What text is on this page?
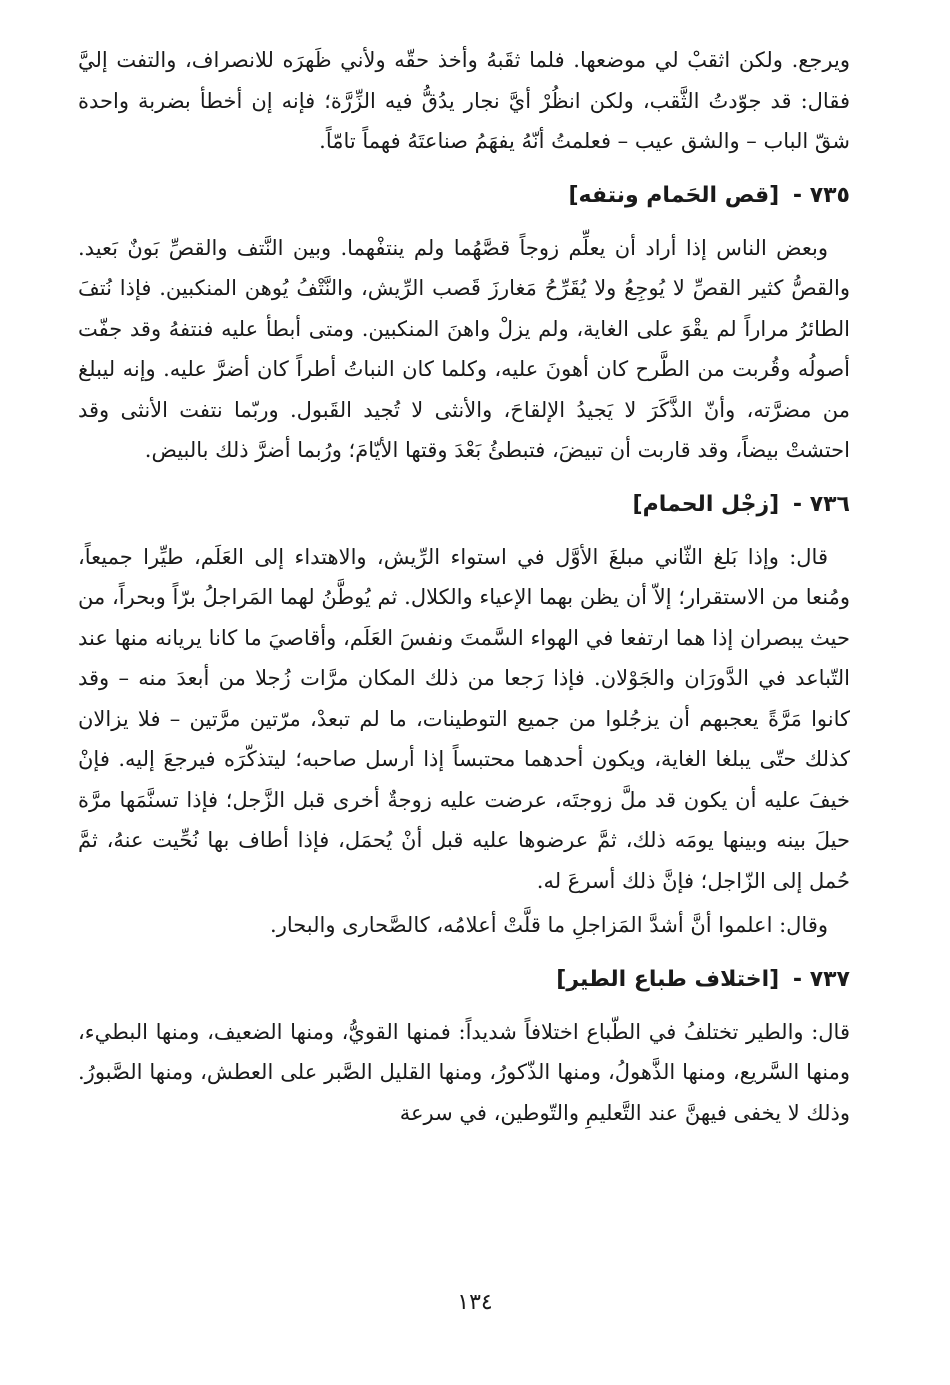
ويرجع. ولكن اثقبْ لي موضعها. فلما ثقَبهُ وأخذ حقّه ولأني ظَهرَه للانصراف، والتفت إليَّ فقال: قد جوّدتُ الثَّقب، ولكن انظُرْ أيَّ نجار يدُقُّ فيه الزِّرَّة؛ فإنه إن أخطأ بضربة واحدة شقّ الباب – والشق عيب – فعلمتُ أنّهُ يفهَمُ صناعتَهُ فهماً تامّاً.

٧٣٥ - [قص الحَمام ونتفه]

وبعض الناس إذا أراد أن يعلِّم زوجاً قصَّهُما ولم ينتفْهما. وبين النَّتف والقصِّ بَونٌ بَعيد. والقصُّ كثير القصِّ لا يُوجِعُ ولا يُقَرِّحُ مَغارزَ قَصب الرِّيش، والنَّتْفُ يُوهن المنكبين. فإذا نُتفَ الطائرُ مراراً لم يقْوَ على الغاية، ولم يزلْ واهنَ المنكبين. ومتى أبطأ عليه فنتفهُ وقد جفّت أصولُه وقُربت من الطَّرح كان أهونَ عليه، وكلما كان النباتُ أطراً كان أضرَّ عليه. وإنه ليبلغ من مضرَّته، وأنّ الذَّكَرَ لا يَجيدُ الإلقاحَ، والأنثى لا تُجيد القَبول. وربّما نتفت الأنثى وقد احتشتْ بيضاً، وقد قاربت أن تبيضَ، فتبطئُ بَعْدَ وقتها الأيّامَ؛ ورُبما أضرَّ ذلك بالبيض.

٧٣٦ - [زجْل الحمام]

قال: وإذا بَلغ الثّاني مبلغَ الأوَّل في استواء الرِّيش، والاهتداء إلى العَلَم، طيِّرا جميعاً، ومُنعا من الاستقرار؛ إلاّ أن يظن بهما الإعياء والكلال. ثم يُوطَّنُ لهما المَراجلُ برّاً وبحراً، من حيث يبصران إذا هما ارتفعا في الهواء السَّمتَ ونفسَ العَلَم، وأقاصيَ ما كانا يريانه منها عند التّباعد في الدَّورَان والجَوْلان. فإذا رَجعا من ذلك المكان مرَّات زُجلا من أبعدَ منه – وقد كانوا مَرَّةً يعجبهم أن يزجُلوا من جميع التوطينات، ما لم تبعدْ، مرّتين مرَّتين – فلا يزالان كذلك حتّى يبلغا الغاية، ويكون أحدهما محتبساً إذا أرسل صاحبه؛ ليتذكّرَه فيرجعَ إليه. فإنْ خيفَ عليه أن يكون قد ملَّ زوجتَه، عرضت عليه زوجةٌ أخرى قبل الزَّجل؛ فإذا تسنَّمَها مرَّة حيلَ بينه وبينها يومَه ذلك، ثمَّ عرضوها عليه قبل أنْ يُحمَل، فإذا أطاف بها نُحِّيت عنهُ، ثمَّ حُمل إلى الزّاجل؛ فإنَّ ذلك أسرعَ له.

وقال: اعلموا أنَّ أشدَّ المَزاجلِ ما قلَّتْ أعلامُه، كالصَّحارى والبحار.

٧٣٧ - [اختلاف طباع الطير]

قال: والطير تختلفُ في الطّباع اختلافاً شديداً: فمنها القويُّ، ومنها الضعيف، ومنها البطيء، ومنها السَّريع، ومنها الذَّهولُ، ومنها الذّكورُ، ومنها القليل الصَّبر على العطش، ومنها الصَّبورُ. وذلك لا يخفى فيهنَّ عند التَّعليمِ والتّوطين، في سرعة

١٣٤
